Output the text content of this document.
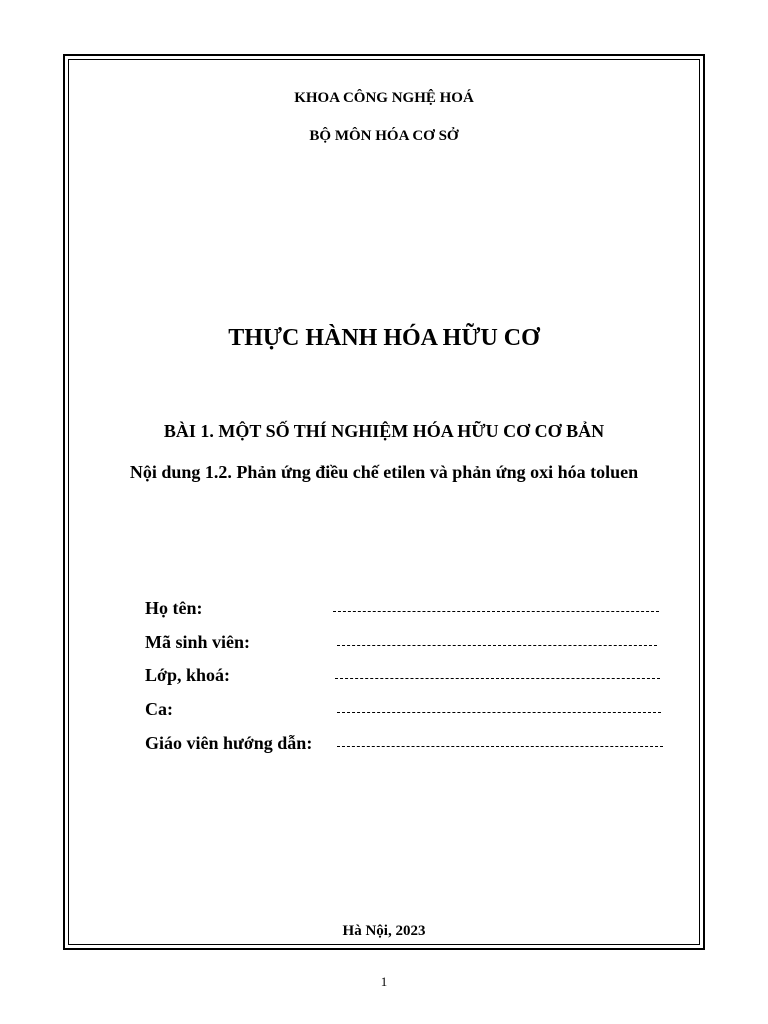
KHOA CÔNG NGHỆ HOÁ
BỘ MÔN HÓA CƠ SỞ
THỰC HÀNH HÓA HỮU CƠ
BÀI 1. MỘT SỐ THÍ NGHIỆM HÓA HỮU CƠ CƠ BẢN
Nội dung 1.2. Phản ứng điều chế etilen và phản ứng oxi hóa toluen
Họ tên:
Mã sinh viên:
Lớp, khoá:
Ca:
Giáo viên hướng dẫn:
Hà Nội, 2023
1
